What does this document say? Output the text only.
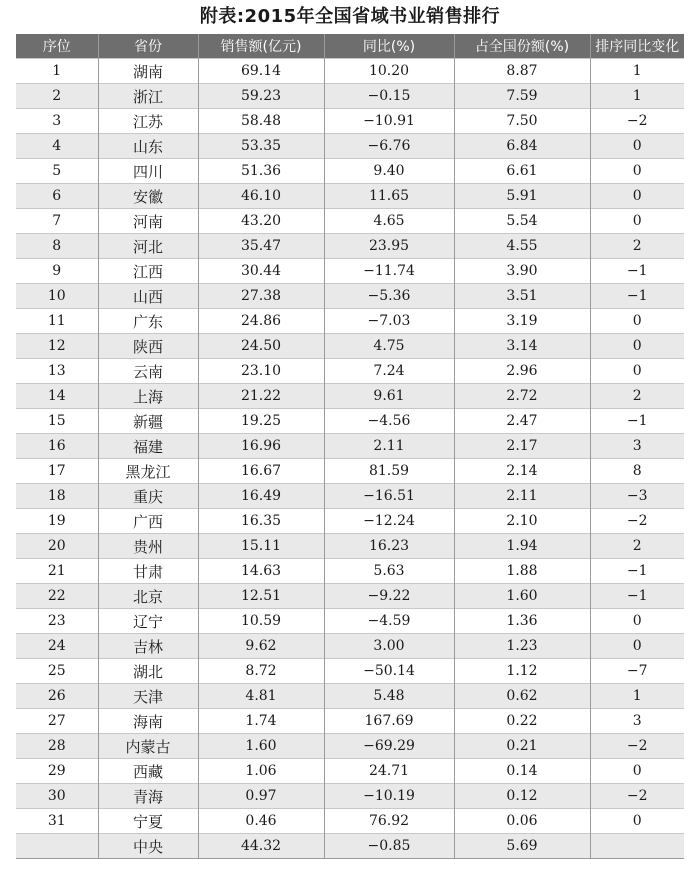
附表:2015年全国省域书业销售排行
序位	省份	销售额(亿元)	同比(%)	占全国份额(%)	排序同比变化
1	湖南	69.14	10.20	8.87	1
2	浙江	59.23	−0.15	7.59	1
3	江苏	58.48	−10.91	7.50	−2
4	山东	53.35	−6.76	6.84	0
5	四川	51.36	9.40	6.61	0
6	安徽	46.10	11.65	5.91	0
7	河南	43.20	4.65	5.54	0
8	河北	35.47	23.95	4.55	2
9	江西	30.44	−11.74	3.90	−1
10	山西	27.38	−5.36	3.51	−1
11	广东	24.86	−7.03	3.19	0
12	陕西	24.50	4.75	3.14	0
13	云南	23.10	7.24	2.96	0
14	上海	21.22	9.61	2.72	2
15	新疆	19.25	−4.56	2.47	−1
16	福建	16.96	2.11	2.17	3
17	黑龙江	16.67	81.59	2.14	8
18	重庆	16.49	−16.51	2.11	−3
19	广西	16.35	−12.24	2.10	−2
20	贵州	15.11	16.23	1.94	2
21	甘肃	14.63	5.63	1.88	−1
22	北京	12.51	−9.22	1.60	−1
23	辽宁	10.59	−4.59	1.36	0
24	吉林	9.62	3.00	1.23	0
25	湖北	8.72	−50.14	1.12	−7
26	天津	4.81	5.48	0.62	1
27	海南	1.74	167.69	0.22	3
28	内蒙古	1.60	−69.29	0.21	−2
29	西藏	1.06	24.71	0.14	0
30	青海	0.97	−10.19	0.12	−2
31	宁夏	0.46	76.92	0.06	0
	中央	44.32	−0.85	5.69	
